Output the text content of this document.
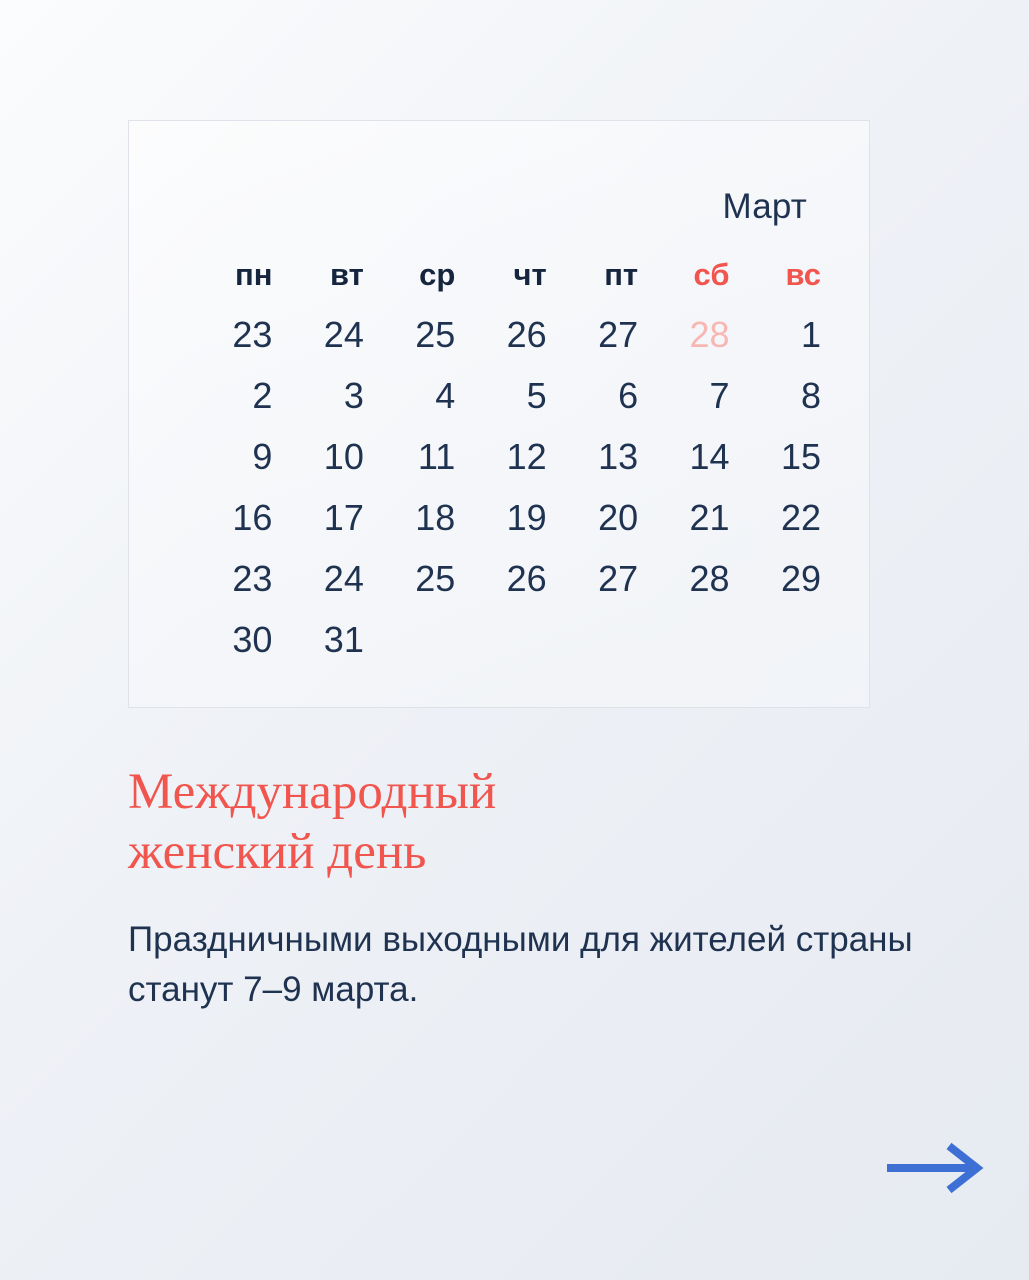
Март
пн	вт	ср	чт	пт	сб	вс
23	24	25	26	27	28	1
2	3	4	5	6	7	8
9	10	11	12	13	14	15
16	17	18	19	20	21	22
23	24	25	26	27	28	29
30	31					
Международный
женский день

Праздничными выходными для жителей страны станут 7–9 марта.
